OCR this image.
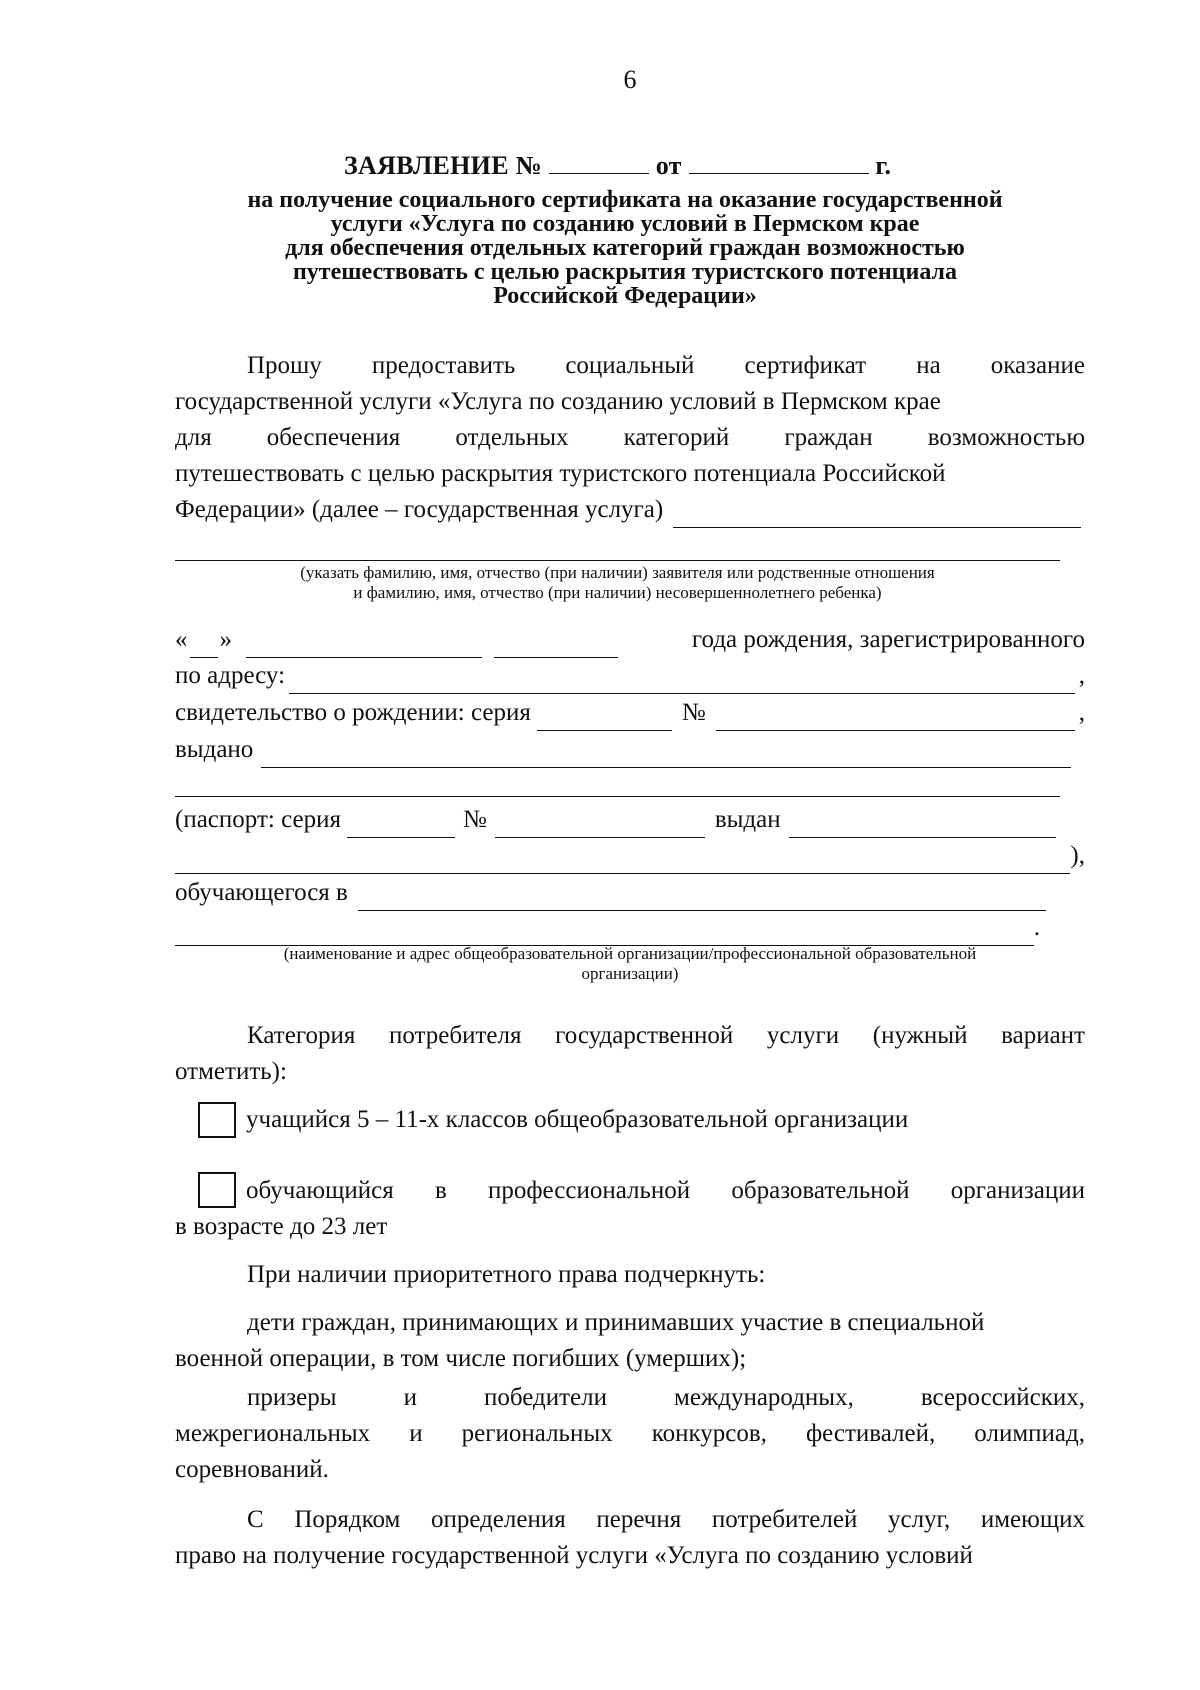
6
ЗАЯВЛЕНИЕ №	от	г.
на получение социального сертификата на оказание государственной
услуги «Услуга по созданию условий в Пермском крае
для обеспечения отдельных категорий граждан возможностью
путешествовать с целью раскрытия туристского потенциала
Российской Федерации»
Прошу предоставить социальный сертификат на оказание
государственной услуги «Услуга по созданию условий в Пермском крае
для обеспечения отдельных категорий граждан возможностью
путешествовать с целью раскрытия туристского потенциала Российской
Федерации» (далее – государственная услуга)
(указать фамилию, имя, отчество (при наличии) заявителя или родственные отношения
и фамилию, имя, отчество (при наличии) несовершеннолетнего ребенка)
« »	года рождения, зарегистрированного
по адресу:	,
свидетельство о рождении: серия	№	,
выдано
(паспорт: серия	№	выдан
),
обучающегося в
.
(наименование и адрес общеобразовательной организации/профессиональной образовательной
организации)
Категория потребителя государственной услуги (нужный вариант
отметить):
учащийся 5 – 11-х классов общеобразовательной организации
обучающийся в профессиональной образовательной организации
в возрасте до 23 лет
При наличии приоритетного права подчеркнуть:
дети граждан, принимающих и принимавших участие в специальной
военной операции, в том числе погибших (умерших);
призеры	и	победители	международных,	всероссийских,
межрегиональных и региональных конкурсов, фестивалей, олимпиад,
соревнований.
С Порядком определения перечня потребителей услуг, имеющих
право на получение государственной услуги «Услуга по созданию условий
